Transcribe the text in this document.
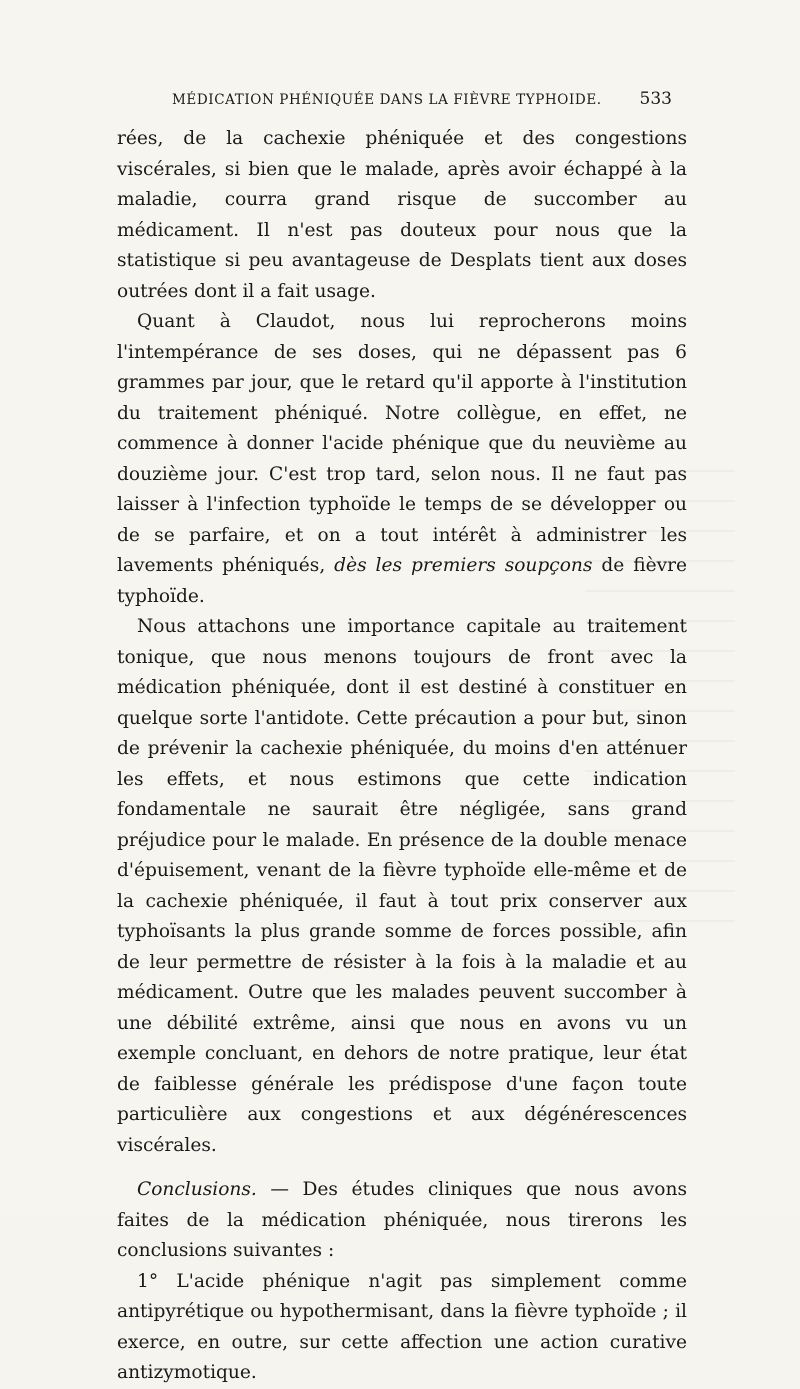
MÉDICATION PHÉNIQUÉE DANS LA FIÈVRE TYPHOIDE. 533

rées, de la cachexie phéniquée et des congestions viscérales, si bien que le malade, après avoir échappé à la maladie, courra grand risque de succomber au médicament. Il n'est pas douteux pour nous que la statistique si peu avantageuse de Desplats tient aux doses outrées dont il a fait usage.

Quant à Claudot, nous lui reprocherons moins l'intempérance de ses doses, qui ne dépassent pas 6 grammes par jour, que le retard qu'il apporte à l'institution du traitement phéniqué. Notre collègue, en effet, ne commence à donner l'acide phénique que du neuvième au douzième jour. C'est trop tard, selon nous. Il ne faut pas laisser à l'infection typhoïde le temps de se développer ou de se parfaire, et on a tout intérêt à administrer les lavements phéniqués, dès les premiers soupçons de fièvre typhoïde.

Nous attachons une importance capitale au traitement tonique, que nous menons toujours de front avec la médication phéniquée, dont il est destiné à constituer en quelque sorte l'antidote. Cette précaution a pour but, sinon de prévenir la cachexie phéniquée, du moins d'en atténuer les effets, et nous estimons que cette indication fondamentale ne saurait être négligée, sans grand préjudice pour le malade. En présence de la double menace d'épuisement, venant de la fièvre typhoïde elle-même et de la cachexie phéniquée, il faut à tout prix conserver aux typhoïsants la plus grande somme de forces possible, afin de leur permettre de résister à la fois à la maladie et au médicament. Outre que les malades peuvent succomber à une débilité extrême, ainsi que nous en avons vu un exemple concluant, en dehors de notre pratique, leur état de faiblesse générale les prédispose d'une façon toute particulière aux congestions et aux dégénérescences viscérales.

Conclusions. — Des études cliniques que nous avons faites de la médication phéniquée, nous tirerons les conclusions suivantes :

1° L'acide phénique n'agit pas simplement comme antipyrétique ou hypothermisant, dans la fièvre typhoïde ; il exerce, en outre, sur cette affection une action curative antizymotique.
